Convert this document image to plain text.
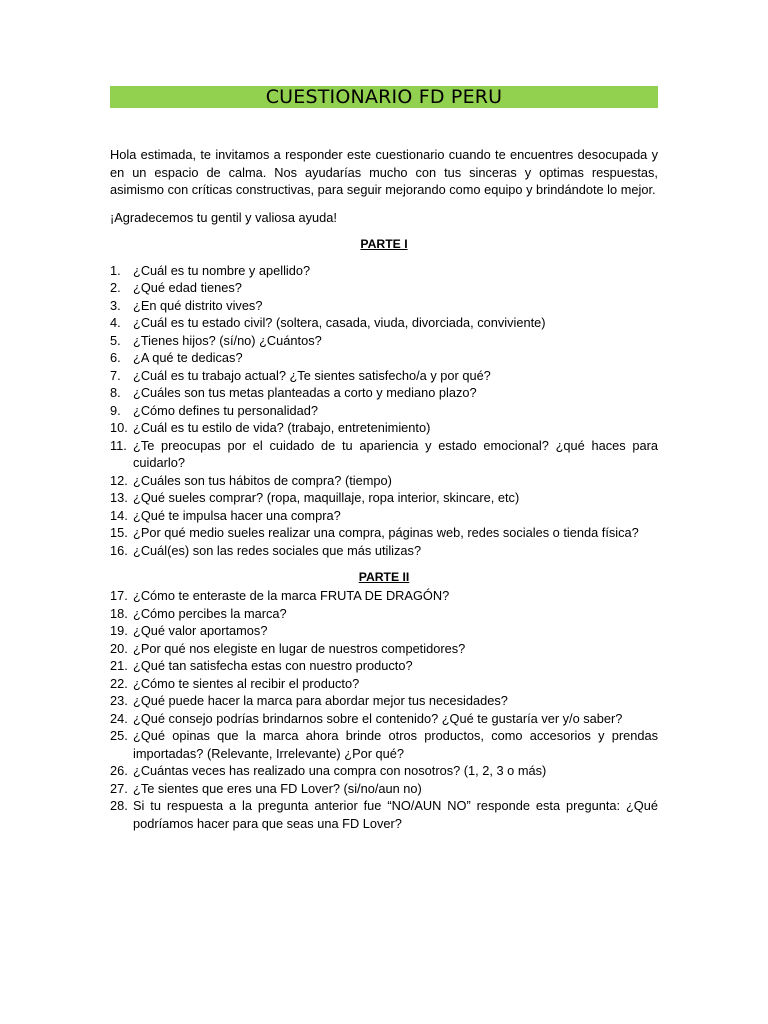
CUESTIONARIO FD PERU

Hola estimada, te invitamos a responder este cuestionario cuando te encuentres desocupada y en un espacio de calma. Nos ayudarías mucho con tus sinceras y optimas respuestas, asimismo con críticas constructivas, para seguir mejorando como equipo y brindándote lo mejor.

¡Agradecemos tu gentil y valiosa ayuda!

PARTE I
1. ¿Cuál es tu nombre y apellido?
2. ¿Qué edad tienes?
3. ¿En qué distrito vives?
4. ¿Cuál es tu estado civil? (soltera, casada, viuda, divorciada, conviviente)
5. ¿Tienes hijos? (sí/no) ¿Cuántos?
6. ¿A qué te dedicas?
7. ¿Cuál es tu trabajo actual? ¿Te sientes satisfecho/a y por qué?
8. ¿Cuáles son tus metas planteadas a corto y mediano plazo?
9. ¿Cómo defines tu personalidad?
10. ¿Cuál es tu estilo de vida? (trabajo, entretenimiento)
11. ¿Te preocupas por el cuidado de tu apariencia y estado emocional? ¿qué haces para cuidarlo?
12. ¿Cuáles son tus hábitos de compra? (tiempo)
13. ¿Qué sueles comprar? (ropa, maquillaje, ropa interior, skincare, etc)
14. ¿Qué te impulsa hacer una compra?
15. ¿Por qué medio sueles realizar una compra, páginas web, redes sociales o tienda física?
16. ¿Cuál(es) son las redes sociales que más utilizas?
PARTE II
17. ¿Cómo te enteraste de la marca FRUTA DE DRAGÓN?
18. ¿Cómo percibes la marca?
19. ¿Qué valor aportamos?
20. ¿Por qué nos elegiste en lugar de nuestros competidores?
21. ¿Qué tan satisfecha estas con nuestro producto?
22. ¿Cómo te sientes al recibir el producto?
23. ¿Qué puede hacer la marca para abordar mejor tus necesidades?
24. ¿Qué consejo podrías brindarnos sobre el contenido? ¿Qué te gustaría ver y/o saber?
25. ¿Qué opinas que la marca ahora brinde otros productos, como accesorios y prendas importadas? (Relevante, Irrelevante) ¿Por qué?
26. ¿Cuántas veces has realizado una compra con nosotros? (1, 2, 3 o más)
27. ¿Te sientes que eres una FD Lover? (si/no/aun no)
28. Si tu respuesta a la pregunta anterior fue “NO/AUN NO” responde esta pregunta: ¿Qué podríamos hacer para que seas una FD Lover?
